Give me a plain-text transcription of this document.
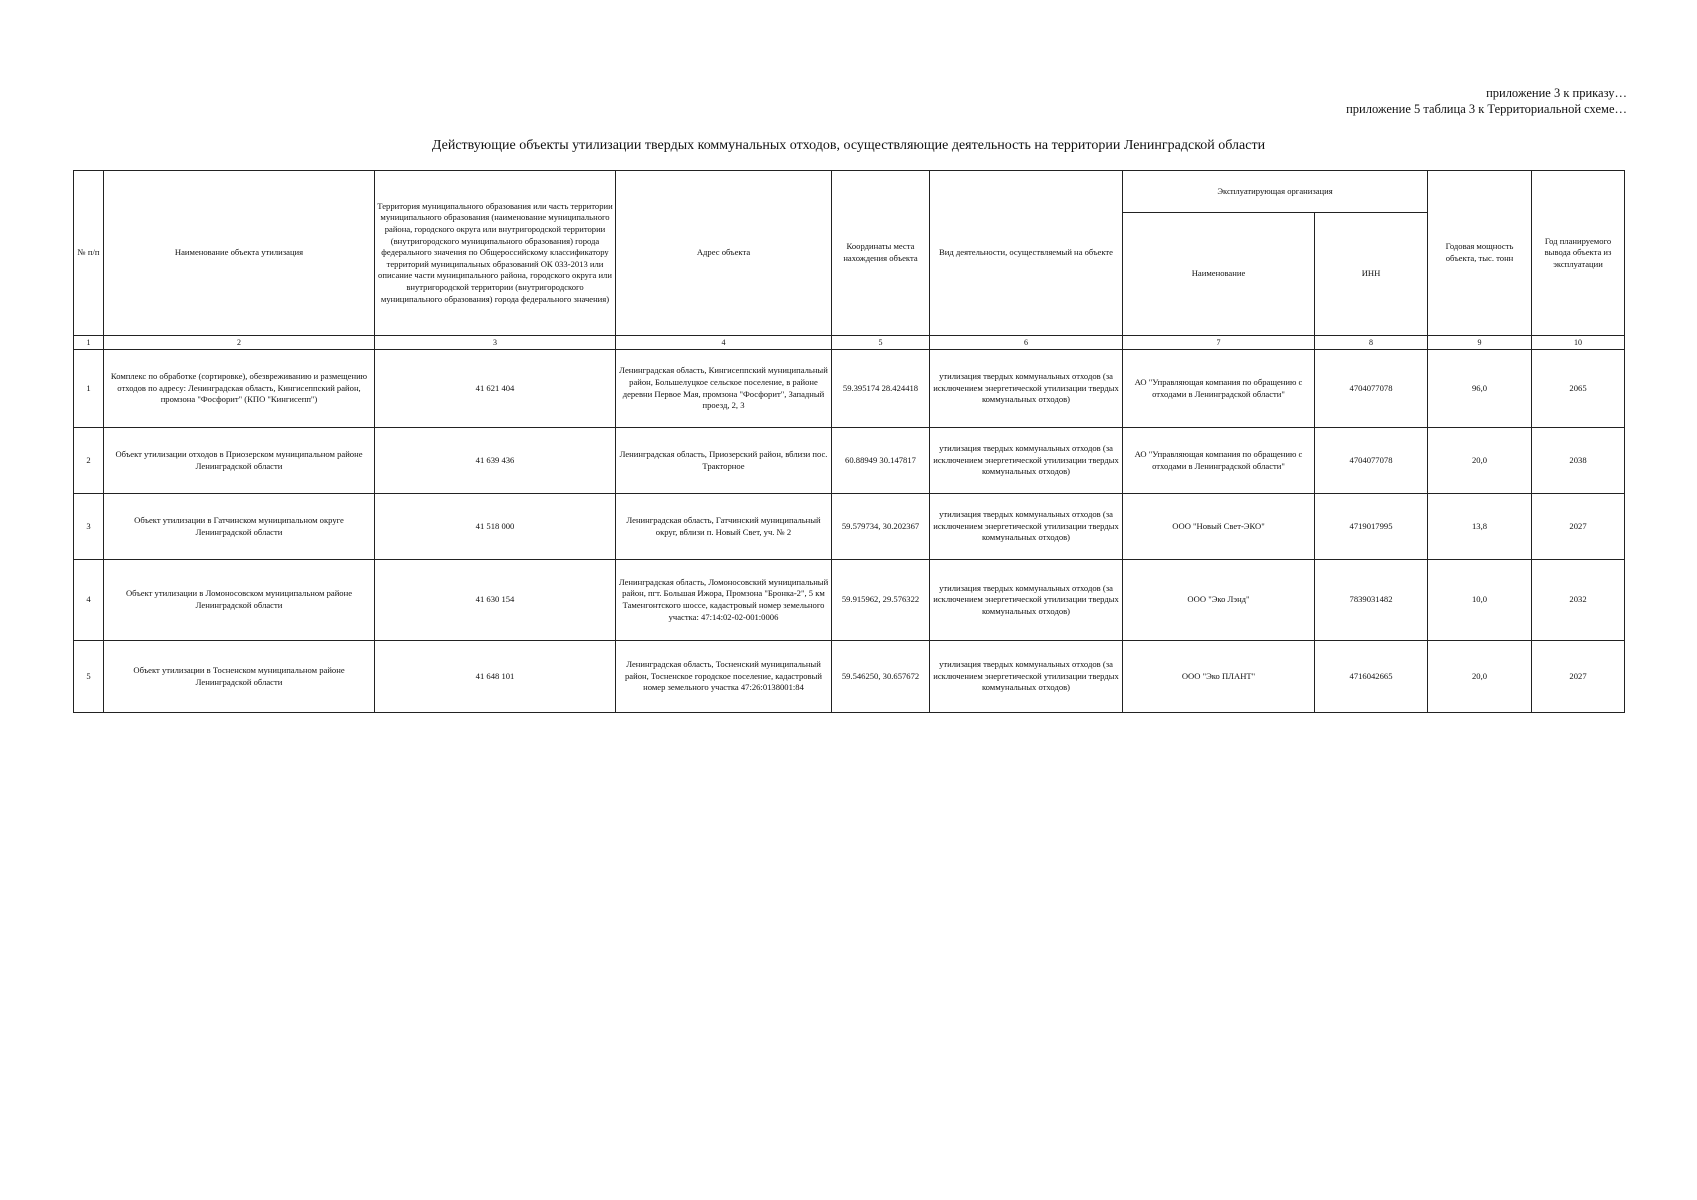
приложение 3 к приказу…
приложение 5 таблица 3 к Территориальной схеме…
Действующие объекты утилизации твердых коммунальных отходов, осуществляющие деятельность на территории Ленинградской области
№ п/п	Наименование объекта утилизация	Территория муниципального образования или часть территории муниципального образования (наименование муниципального района, городского округа или внутригородской территории (внутригородского муниципального образования) города федерального значения по Общероссийскому классификатору территорий муниципальных образований ОК 033-2013 или описание части муниципального района, городского округа или внутригородской территории (внутригородского муниципального образования) города федерального значения)	Адрес объекта	Координаты места нахождения объекта	Вид деятельности, осуществляемый на объекте	Эксплуатирующая организация		Годовая мощность объекта, тыс. тонн	Год планируемого вывода объекта из эксплуатации
						Наименование	ИНН		
1	2	3	4	5	6	7	8	9	10
1	Комплекс по обработке (сортировке), обезвреживанию и размещению отходов по адресу: Ленинградская область, Кингисеппский район, промзона "Фосфорит" (КПО "Кингисепп")	41 621 404	Ленинградская область, Кингисеппский муниципальный район, Большелуцкое сельское поселение, в районе деревни Первое Мая, промзона "Фосфорит", Западный проезд, 2, 3	59.395174 28.424418	утилизация твердых коммунальных отходов (за исключением энергетической утилизации твердых коммунальных отходов)	АО "Управляющая компания по обращению с отходами в Ленинградской области"	4704077078	96,0	2065
2	Объект утилизации отходов в Приозерском муниципальном районе Ленинградской области	41 639 436	Ленинградская область, Приозерский район, вблизи пос. Тракторное	60.88949 30.147817	утилизация твердых коммунальных отходов (за исключением энергетической утилизации твердых коммунальных отходов)	АО "Управляющая компания по обращению с отходами в Ленинградской области"	4704077078	20,0	2038
3	Объект утилизации в Гатчинском муниципальном округе Ленинградской области	41 518 000	Ленинградская область, Гатчинский муниципальный округ, вблизи п. Новый Свет, уч. № 2	59.579734, 30.202367	утилизация твердых коммунальных отходов (за исключением энергетической утилизации твердых коммунальных отходов)	ООО "Новый Свет-ЭКО"	4719017995	13,8	2027
4	Объект утилизации в Ломоносовском муниципальном районе Ленинградской области	41 630 154	Ленинградская область, Ломоносовский муниципальный район, пгт. Большая Ижора, Промзона "Бронка-2", 5 км Таменгонтского шоссе, кадастровый номер земельного участка: 47:14:02-02-001:0006	59.915962, 29.576322	утилизация твердых коммунальных отходов (за исключением энергетической утилизации твердых коммунальных отходов)	ООО "Эко Лэнд"	7839031482	10,0	2032
5	Объект утилизации в Тосненском муниципальном районе Ленинградской области	41 648 101	Ленинградская область, Тосненский муниципальный район, Тосненское городское поселение, кадастровый номер земельного участка 47:26:0138001:84	59.546250, 30.657672	утилизация твердых коммунальных отходов (за исключением энергетической утилизации твердых коммунальных отходов)	ООО "Эко ПЛАНТ"	4716042665	20,0	2027
